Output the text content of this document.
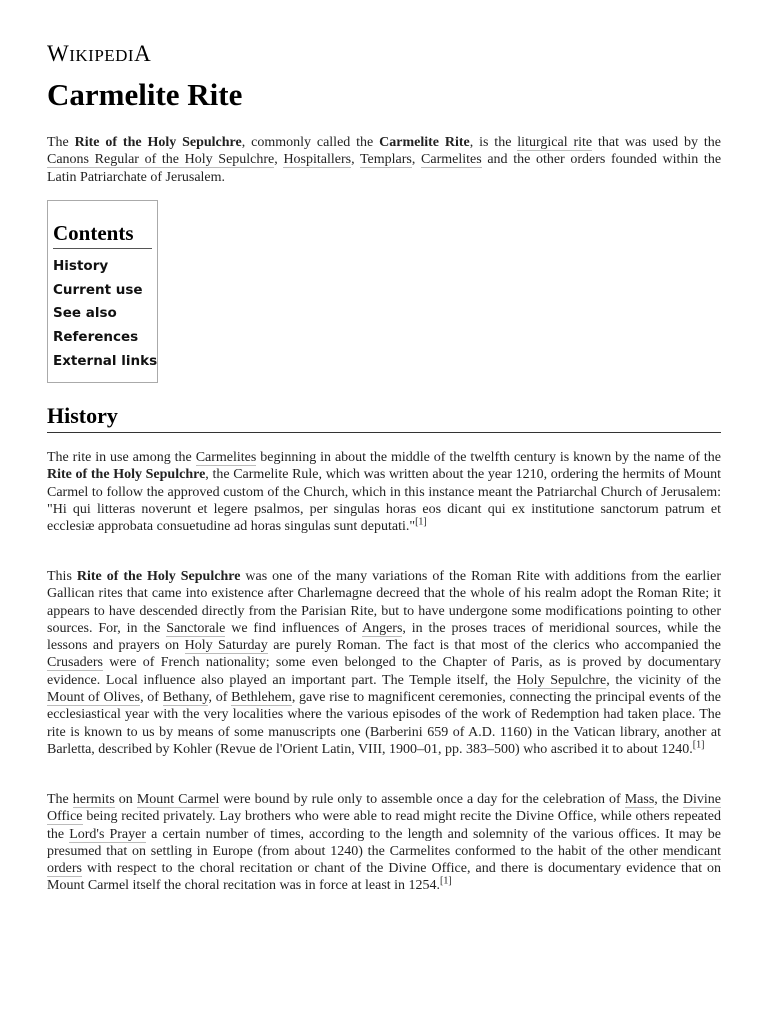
WIKIPEDIA
Carmelite Rite

The Rite of the Holy Sepulchre, commonly called the Carmelite Rite, is the liturgical rite that was used by the Canons Regular of the Holy Sepulchre, Hospitallers, Templars, Carmelites and the other orders founded within the Latin Patriarchate of Jerusalem.

Contents
History
Current use
See also
References
External links
History

The rite in use among the Carmelites beginning in about the middle of the twelfth century is known by the name of the Rite of the Holy Sepulchre, the Carmelite Rule, which was written about the year 1210, ordering the hermits of Mount Carmel to follow the approved custom of the Church, which in this instance meant the Patriarchal Church of Jerusalem: "Hi qui litteras noverunt et legere psalmos, per singulas horas eos dicant qui ex institutione sanctorum patrum et ecclesiæ approbata consuetudine ad horas singulas sunt deputati."[1]

This Rite of the Holy Sepulchre was one of the many variations of the Roman Rite with additions from the earlier Gallican rites that came into existence after Charlemagne decreed that the whole of his realm adopt the Roman Rite; it appears to have descended directly from the Parisian Rite, but to have undergone some modifications pointing to other sources. For, in the Sanctorale we find influences of Angers, in the proses traces of meridional sources, while the lessons and prayers on Holy Saturday are purely Roman. The fact is that most of the clerics who accompanied the Crusaders were of French nationality; some even belonged to the Chapter of Paris, as is proved by documentary evidence. Local influence also played an important part. The Temple itself, the Holy Sepulchre, the vicinity of the Mount of Olives, of Bethany, of Bethlehem, gave rise to magnificent ceremonies, connecting the principal events of the ecclesiastical year with the very localities where the various episodes of the work of Redemption had taken place. The rite is known to us by means of some manuscripts one (Barberini 659 of A.D. 1160) in the Vatican library, another at Barletta, described by Kohler (Revue de l'Orient Latin, VIII, 1900–01, pp. 383–500) who ascribed it to about 1240.[1]

The hermits on Mount Carmel were bound by rule only to assemble once a day for the celebration of Mass, the Divine Office being recited privately. Lay brothers who were able to read might recite the Divine Office, while others repeated the Lord's Prayer a certain number of times, according to the length and solemnity of the various offices. It may be presumed that on settling in Europe (from about 1240) the Carmelites conformed to the habit of the other mendicant orders with respect to the choral recitation or chant of the Divine Office, and there is documentary evidence that on Mount Carmel itself the choral recitation was in force at least in 1254.[1]
